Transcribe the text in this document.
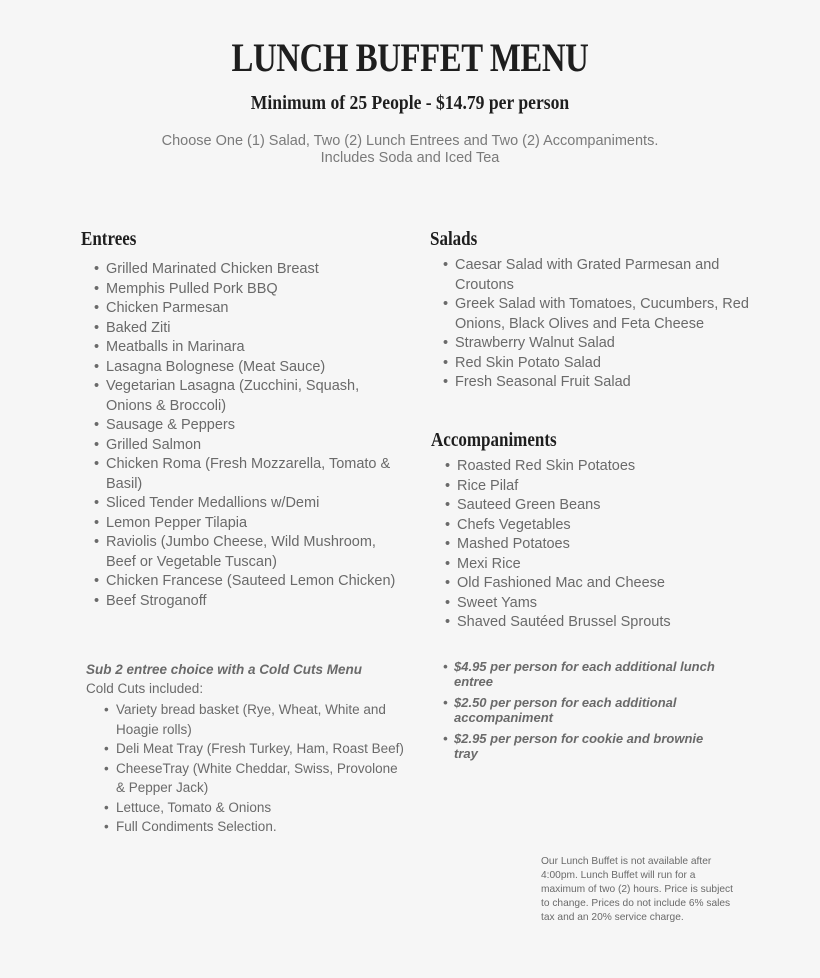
LUNCH BUFFET MENU
Minimum of 25 People - $14.79 per person
Choose One (1) Salad, Two (2) Lunch Entrees and Two (2) Accompaniments.
Includes Soda and Iced Tea
Entrees
• Grilled Marinated Chicken Breast
• Memphis Pulled Pork BBQ
• Chicken Parmesan
• Baked Ziti
• Meatballs in Marinara
• Lasagna Bolognese (Meat Sauce)
• Vegetarian Lasagna (Zucchini, Squash, Onions & Broccoli)
• Sausage & Peppers
• Grilled Salmon
• Chicken Roma (Fresh Mozzarella, Tomato & Basil)
• Sliced Tender Medallions w/Demi
• Lemon Pepper Tilapia
• Raviolis (Jumbo Cheese, Wild Mushroom, Beef or Vegetable Tuscan)
• Chicken Francese (Sauteed Lemon Chicken)
• Beef Stroganoff
Salads
• Caesar Salad with Grated Parmesan and Croutons
• Greek Salad with Tomatoes, Cucumbers, Red Onions, Black Olives and Feta Cheese
• Strawberry Walnut Salad
• Red Skin Potato Salad
• Fresh Seasonal Fruit Salad
Accompaniments
• Roasted Red Skin Potatoes
• Rice Pilaf
• Sauteed Green Beans
• Chefs Vegetables
• Mashed Potatoes
• Mexi Rice
• Old Fashioned Mac and Cheese
• Sweet Yams
• Shaved Sautéed Brussel Sprouts
Sub 2 entree choice with a Cold Cuts Menu
Cold Cuts included:
• Variety bread basket (Rye, Wheat, White and Hoagie rolls)
• Deli Meat Tray (Fresh Turkey, Ham, Roast Beef)
• CheeseTray (White Cheddar, Swiss, Provolone & Pepper Jack)
• Lettuce, Tomato & Onions
• Full Condiments Selection.
• $4.95 per person for each additional lunch entree
• $2.50 per person for each additional accompaniment
• $2.95 per person for cookie and brownie tray
Our Lunch Buffet is not available after 4:00pm. Lunch Buffet will run for a maximum of two (2) hours. Price is subject to change. Prices do not include 6% sales tax and an 20% service charge.
